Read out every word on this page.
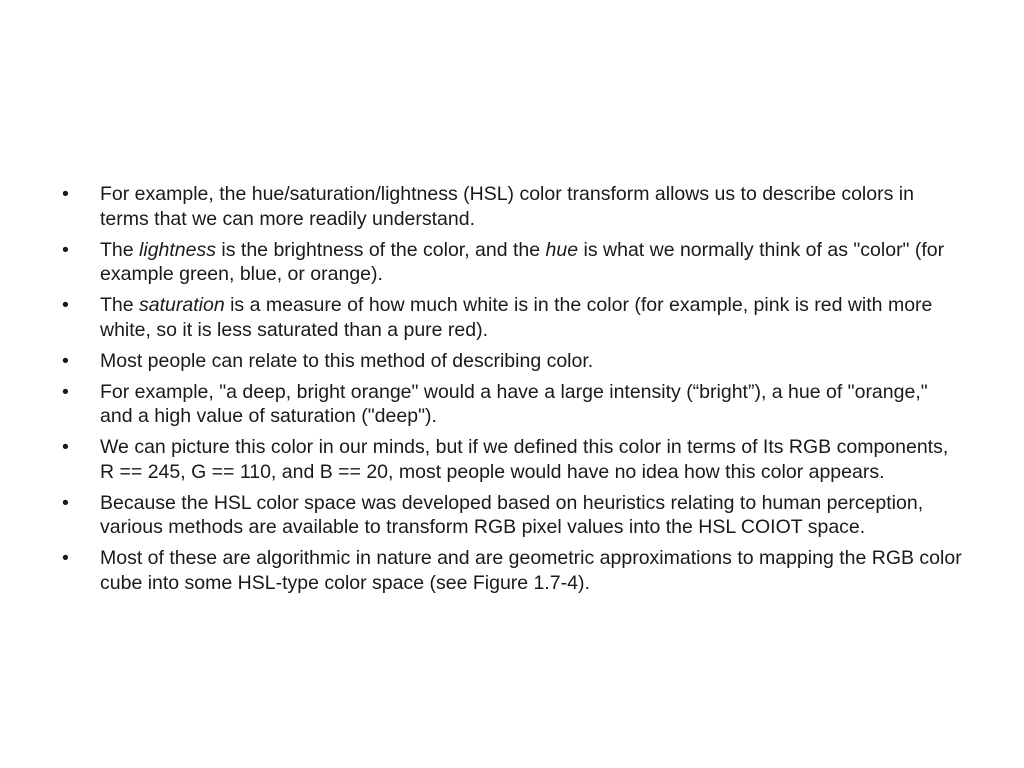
•	For example, the hue/saturation/lightness (HSL) color transform allows us to describe colors in terms that we can more readily understand.
•	The lightness is the brightness of the color, and the hue is what we normally think of as "color" (for example green, blue, or orange).
•	The saturation is a measure of how much white is in the color (for example, pink is red with more white, so it is less saturated than a pure red).
•	Most people can relate to this method of describing color.
•	For example, "a deep, bright orange" would a have a large intensity (“bright”), a hue of "orange," and a high value of saturation ("deep").
•	We can picture this color in our minds, but if we defined this color in terms of Its RGB components, R == 245, G == 110, and B == 20, most people would have no idea how this color appears.
•	Because the HSL color space was developed based on heuristics relating to human perception, various methods are available to transform RGB pixel values into the HSL COIOT space.
•	Most of these are algorithmic in nature and are geometric approximations to mapping the RGB color cube into some HSL-type color space (see Figure 1.7-4).
